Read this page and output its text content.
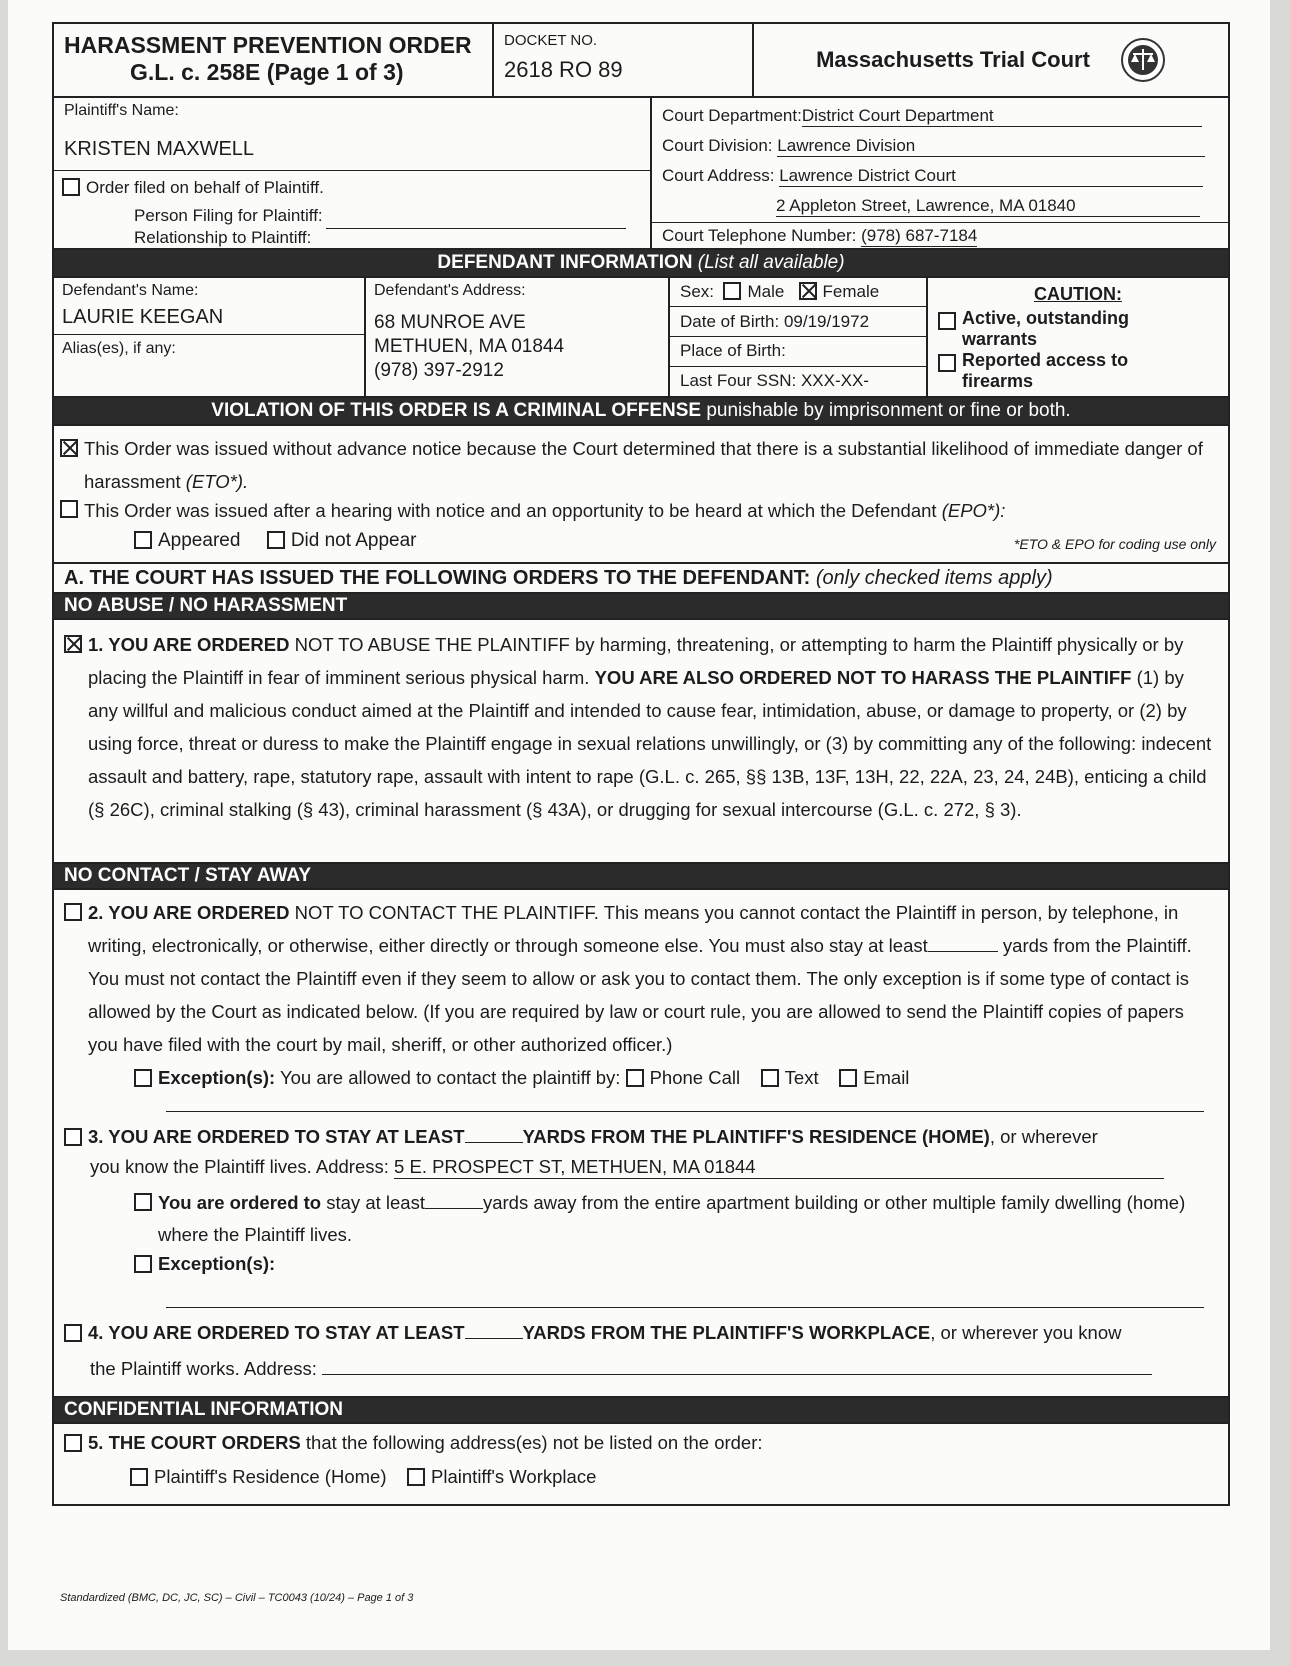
HARASSMENT PREVENTION ORDER
G.L. c. 258E (Page 1 of 3)
DOCKET NO.
2618 RO 89	Massachusetts Trial Court
Plaintiff's Name:
KRISTEN MAXWELL
Order filed on behalf of Plaintiff.
Person Filing for Plaintiff:
Relationship to Plaintiff:
Court Department:District Court Department
Court Division: Lawrence Division
Court Address: Lawrence District Court
2 Appleton Street, Lawrence, MA 01840
Court Telephone Number: (978) 687-7184
DEFENDANT INFORMATION
(List all available)
Defendant's Name:
LAURIE KEEGAN
Alias(es), if any:
Defendant's Address:
68 MUNROE AVE
METHUEN, MA 01844
(978) 397-2912
Sex: Male Female
Date of Birth: 09/19/1972
Place of Birth:
Last Four SSN: XXX-XX-
CAUTION:
Active, outstanding warrants
Reported access to firearms
VIOLATION OF THIS ORDER IS A CRIMINAL OFFENSE
punishable by imprisonment or fine or both.
This Order was issued without advance notice because the Court determined that there is a substantial likelihood of immediate danger of harassment (ETO*).
This Order was issued after a hearing with notice and an opportunity to be heard at which the Defendant (EPO*):
Appeared	Did not Appear	*ETO & EPO for coding use only
A. THE COURT HAS ISSUED THE FOLLOWING ORDERS TO THE DEFENDANT:
(only checked items apply)
NO ABUSE / NO HARASSMENT
1. YOU ARE ORDERED NOT TO ABUSE THE PLAINTIFF by harming, threatening, or attempting to harm the Plaintiff physically or by placing the Plaintiff in fear of imminent serious physical harm. YOU ARE ALSO ORDERED NOT TO HARASS THE PLAINTIFF (1) by any willful and malicious conduct aimed at the Plaintiff and intended to cause fear, intimidation, abuse, or damage to property, or (2) by using force, threat or duress to make the Plaintiff engage in sexual relations unwillingly, or (3) by committing any of the following: indecent assault and battery, rape, statutory rape, assault with intent to rape (G.L. c. 265, §§ 13B, 13F, 13H, 22, 22A, 23, 24, 24B), enticing a child (§ 26C), criminal stalking (§ 43), criminal harassment (§ 43A), or drugging for sexual intercourse (G.L. c. 272, § 3).
NO CONTACT / STAY AWAY
2. YOU ARE ORDERED NOT TO CONTACT THE PLAINTIFF. This means you cannot contact the Plaintiff in person, by telephone, in writing, electronically, or otherwise, either directly or through someone else. You must also stay at least	yards from the Plaintiff. You must not contact the Plaintiff even if they seem to allow or ask you to contact them. The only exception is if some type of contact is allowed by the Court as indicated below. (If you are required by law or court rule, you are allowed to send the Plaintiff copies of papers you have filed with the court by mail, sheriff, or other authorized officer.)
Exception(s): You are allowed to contact the plaintiff by: Phone Call Text Email
3. YOU ARE ORDERED TO STAY AT LEAST	YARDS FROM THE PLAINTIFF'S RESIDENCE (HOME), or wherever
you know the Plaintiff lives. Address: 5 E. PROSPECT ST, METHUEN, MA 01844
You are ordered to stay at least	yards away from the entire apartment building or other multiple family dwelling (home) where the Plaintiff lives.
Exception(s):
4. YOU ARE ORDERED TO STAY AT LEAST	YARDS FROM THE PLAINTIFF'S WORKPLACE, or wherever you know
the Plaintiff works. Address:
CONFIDENTIAL INFORMATION
5. THE COURT ORDERS that the following address(es) not be listed on the order:
Plaintiff's Residence (Home) Plaintiff's Workplace
Standardized (BMC, DC, JC, SC) – Civil – TC0043 (10/24) – Page 1 of 3
